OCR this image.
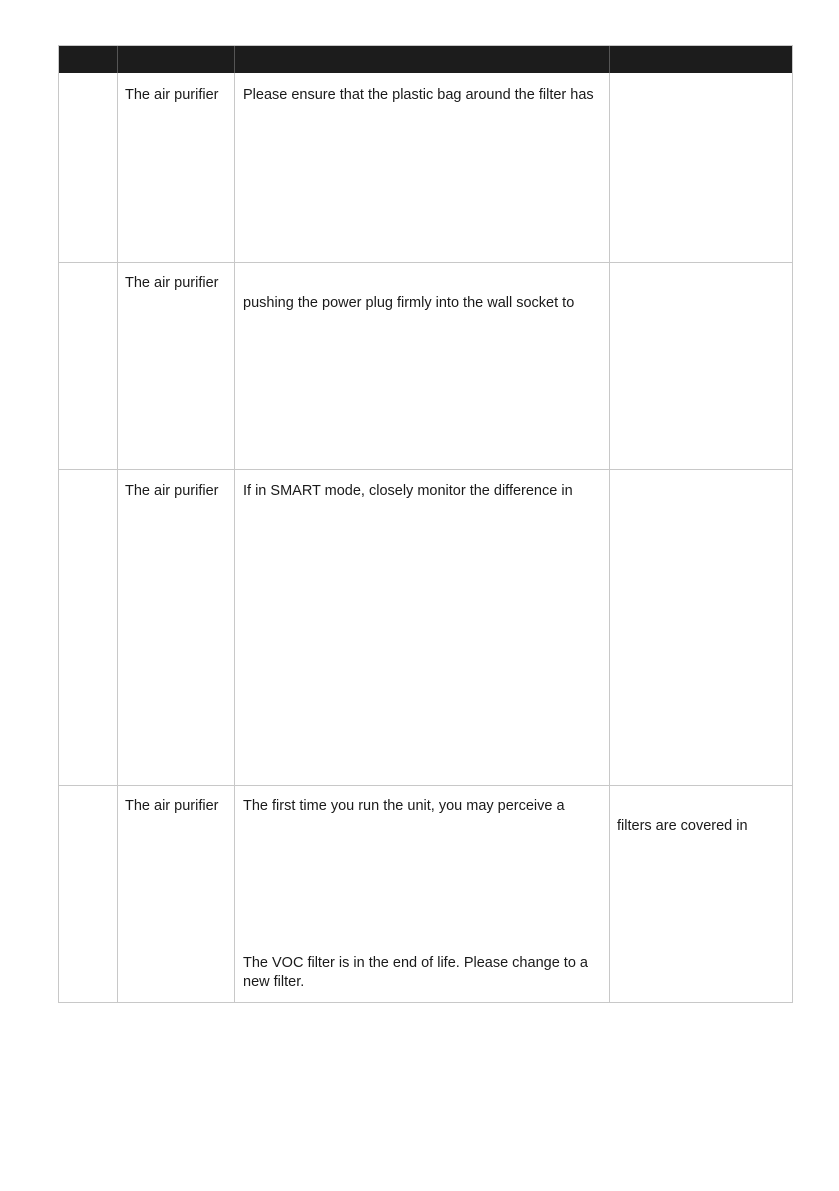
The air purifier Please ensure that the plastic bag around the filter has
The air purifier
pushing the power plug firmly into the wall socket to
The air purifier If in SMART mode, closely monitor the difference in
The air purifier The first time you run the unit, you may perceive a
filters are covered in
The VOC filter is in the end of life. Please change to a new filter.
